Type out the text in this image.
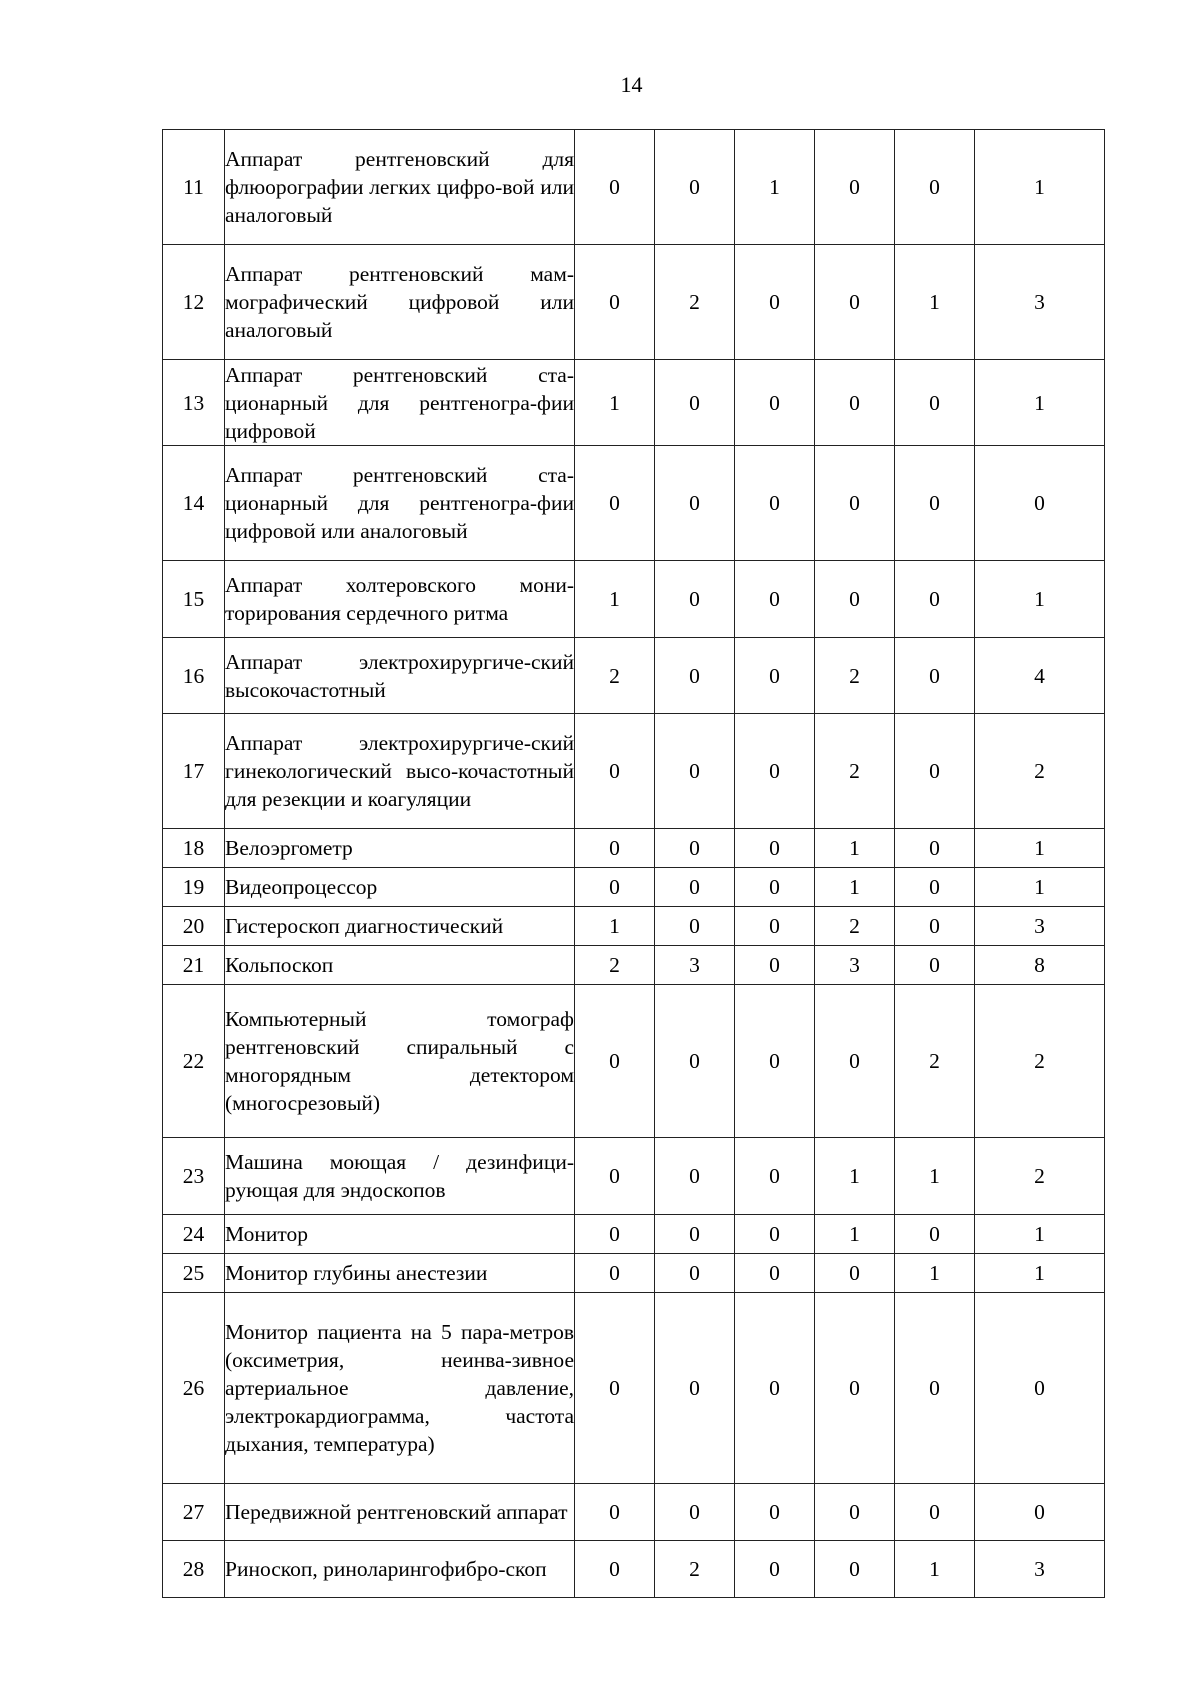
14
11	Аппарат рентгеновский для флюорографии легких цифро-вой или аналоговый	0	0	1	0	0	1
12	Аппарат рентгеновский мам-мографический цифровой или аналоговый	0	2	0	0	1	3
13	Аппарат рентгеновский ста-ционарный для рентгеногра-фии цифровой	1	0	0	0	0	1
14	Аппарат рентгеновский ста-ционарный для рентгеногра-фии цифровой или аналоговый	0	0	0	0	0	0
15	Аппарат холтеровского мони-торирования сердечного ритма	1	0	0	0	0	1
16	Аппарат электрохирургиче-ский высокочастотный	2	0	0	2	0	4
17	Аппарат электрохирургиче-ский гинекологический высо-кочастотный для резекции и коагуляции	0	0	0	2	0	2
18	Велоэргометр	0	0	0	1	0	1
19	Видеопроцессор	0	0	0	1	0	1
20	Гистероскоп диагностический	1	0	0	2	0	3
21	Кольпоскоп	2	3	0	3	0	8
22	Компьютерный томограф рентгеновский спиральный с многорядным детектором (многосрезовый)	0	0	0	0	2	2
23	Машина моющая / дезинфици-рующая для эндоскопов	0	0	0	1	1	2
24	Монитор	0	0	0	1	0	1
25	Монитор глубины анестезии	0	0	0	0	1	1
26	Монитор пациента на 5 пара-метров (оксиметрия, неинва-зивное артериальное давление, электрокардиограмма, частота дыхания, температура)	0	0	0	0	0	0
27	Передвижной рентгеновский аппарат	0	0	0	0	0	0
28	Риноскоп, риноларингофибро-скоп	0	2	0	0	1	3
